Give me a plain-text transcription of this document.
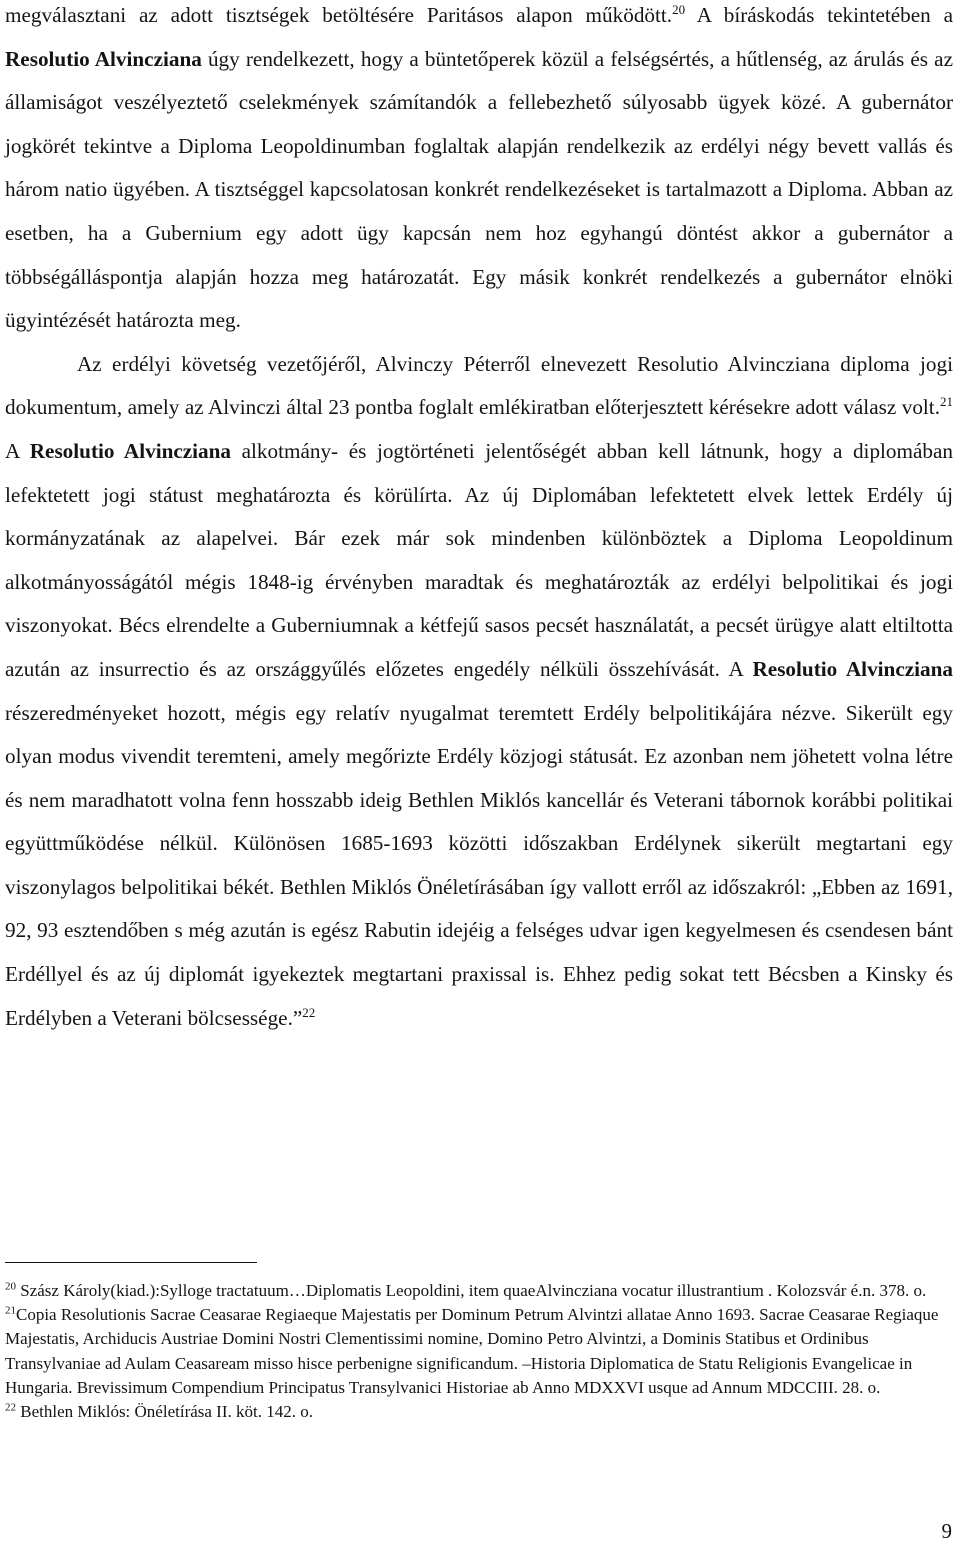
megválasztani az adott tisztségek betöltésére Paritásos alapon működött.$^{20}$ A bíráskodás tekintetében a Resolutio Alvincziana úgy rendelkezett, hogy a büntetőperek közül a felségsértés, a hűtlenség, az árulás és az államiságot veszélyeztető cselekmények számítandók a fellebezhető súlyosabb ügyek közé. A gubernátor jogkörét tekintve a Diploma Leopoldinumban foglaltak alapján rendelkezik az erdélyi négy bevett vallás és három natio ügyében. A tisztséggel kapcsolatosan konkrét rendelkezéseket is tartalmazott a Diploma. Abban az esetben, ha a Gubernium egy adott ügy kapcsán nem hoz egyhangú döntést akkor a gubernátor a többségálláspontja alapján hozza meg határozatát. Egy másik konkrét rendelkezés a gubernátor elnöki ügyintézését határozta meg.

Az erdélyi követség vezetőjéről, Alvinczy Péterről elnevezett Resolutio Alvincziana diploma jogi dokumentum, amely az Alvinczi által 23 pontba foglalt emlékiratban előterjesztett kérésekre adott válasz volt.$^{21}$ A Resolutio Alvincziana alkotmány- és jogtörténeti jelentőségét abban kell látnunk, hogy a diplomában lefektetett jogi státust meghatározta és körülírta. Az új Diplomában lefektetett elvek lettek Erdély új kormányzatának az alapelvei. Bár ezek már sok mindenben különböztek a Diploma Leopoldinum alkotmányosságától mégis 1848-ig érvényben maradtak és meghatározták az erdélyi belpolitikai és jogi viszonyokat. Bécs elrendelte a Guberniumnak a kétfejű sasos pecsét használatát, a pecsét ürügye alatt eltiltotta azután az insurrectio és az országgyűlés előzetes engedély nélküli összehívását. A Resolutio Alvincziana részeredményeket hozott, mégis egy relatív nyugalmat teremtett Erdély belpolitikájára nézve. Sikerült egy olyan modus vivendit teremteni, amely megőrizte Erdély közjogi státusát. Ez azonban nem jöhetett volna létre és nem maradhatott volna fenn hosszabb ideig Bethlen Miklós kancellár és Veterani tábornok korábbi politikai együttműködése nélkül. Különösen 1685-1693 közötti időszakban Erdélynek sikerült megtartani egy viszonylagos belpolitikai békét. Bethlen Miklós Önéletírásában így vallott erről az időszakról: „Ebben az 1691, 92, 93 esztendőben s még azután is egész Rabutin idejéig a felséges udvar igen kegyelmesen és csendesen bánt Erdéllyel és az új diplomát igyekeztek megtartani praxissal is. Ehhez pedig sokat tett Bécsben a Kinsky és Erdélyben a Veterani bölcsessége.”$^{22}$

$^{20}$ Szász Károly(kiad.):Sylloge tractatuum…Diplomatis Leopoldini, item quaeAlvincziana vocatur illustrantium . Kolozsvár é.n. 378. o.

$^{21}$Copia Resolutionis Sacrae Ceasarae Regiaeque Majestatis per Dominum Petrum Alvintzi allatae Anno 1693. Sacrae Ceasarae Regiaque Majestatis, Archiducis Austriae Domini Nostri Clementissimi nomine, Domino Petro Alvintzi, a Dominis Statibus et Ordinibus Transylvaniae ad Aulam Ceasaream misso hisce perbenigne significandum. –Historia Diplomatica de Statu Religionis Evangelicae in Hungaria. Brevissimum Compendium Principatus Transylvanici Historiae ab Anno MDXXVI usque ad Annum MDCCIII. 28. o.

$^{22}$ Bethlen Miklós: Önéletírása II. köt. 142. o.

9
